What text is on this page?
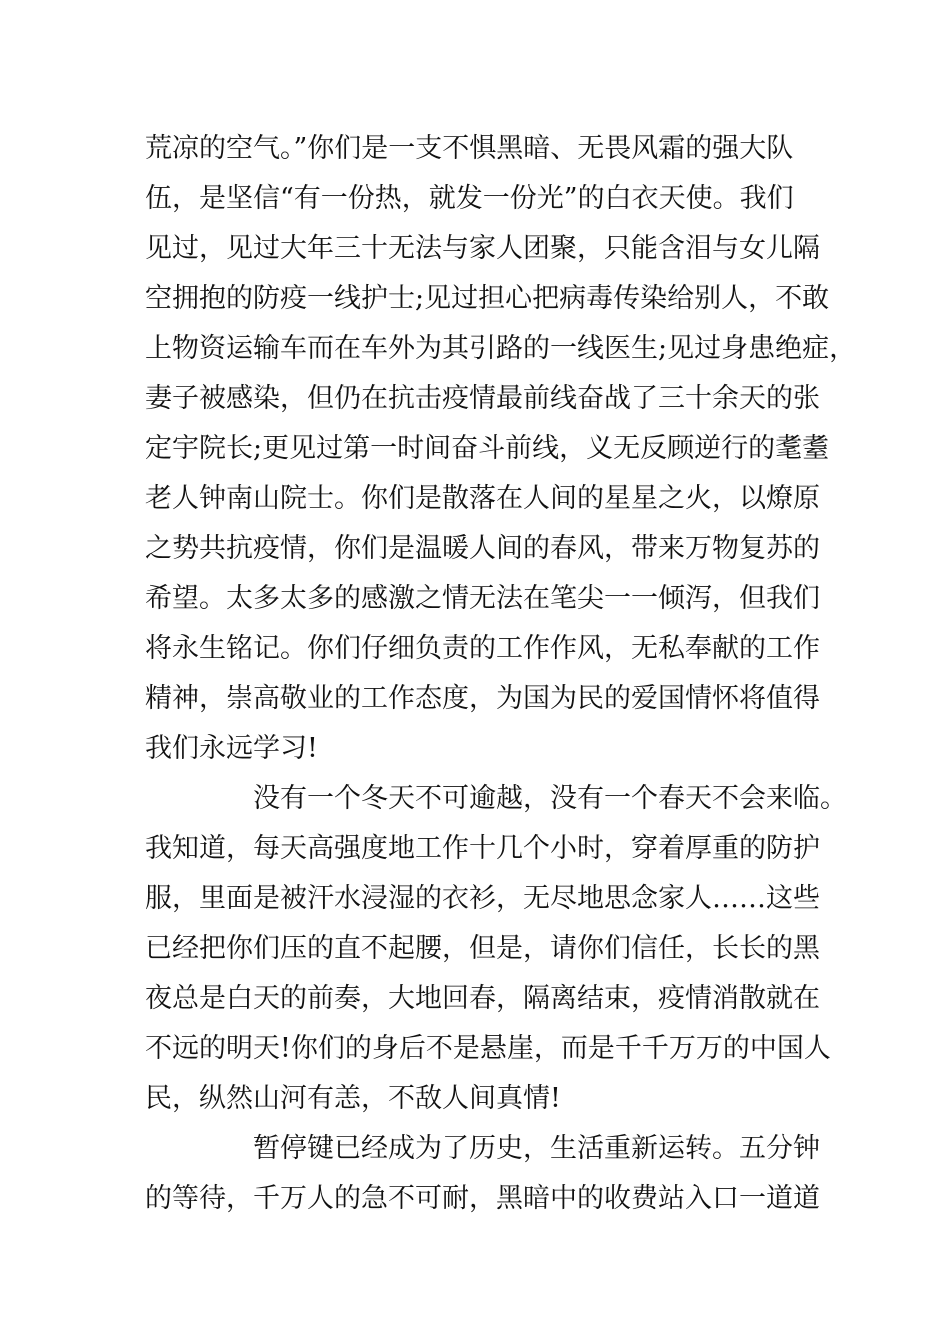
荒凉的空气。”你们是一支不惧黑暗、无畏风霜的强大队
伍，是坚信“有一份热，就发一份光”的白衣天使。我们
见过，见过大年三十无法与家人团聚，只能含泪与女儿隔
空拥抱的防疫一线护士;见过担心把病毒传染给别人，不敢
上物资运输车而在车外为其引路的一线医生;见过身患绝症，
妻子被感染，但仍在抗击疫情最前线奋战了三十余天的张
定宇院长;更见过第一时间奋斗前线，义无反顾逆行的耄耋
老人钟南山院士。你们是散落在人间的星星之火，以燎原
之势共抗疫情，你们是温暖人间的春风，带来万物复苏的
希望。太多太多的感激之情无法在笔尖一一倾泻，但我们
将永生铭记。你们仔细负责的工作作风，无私奉献的工作
精神，崇高敬业的工作态度，为国为民的爱国情怀将值得
我们永远学习!
没有一个冬天不可逾越，没有一个春天不会来临。
我知道，每天高强度地工作十几个小时，穿着厚重的防护
服，里面是被汗水浸湿的衣衫，无尽地思念家人……这些
已经把你们压的直不起腰，但是，请你们信任，长长的黑
夜总是白天的前奏，大地回春，隔离结束，疫情消散就在
不远的明天!你们的身后不是悬崖，而是千千万万的中国人
民，纵然山河有恙，不敌人间真情!
暂停键已经成为了历史，生活重新运转。五分钟
的等待，千万人的急不可耐，黑暗中的收费站入口一道道
